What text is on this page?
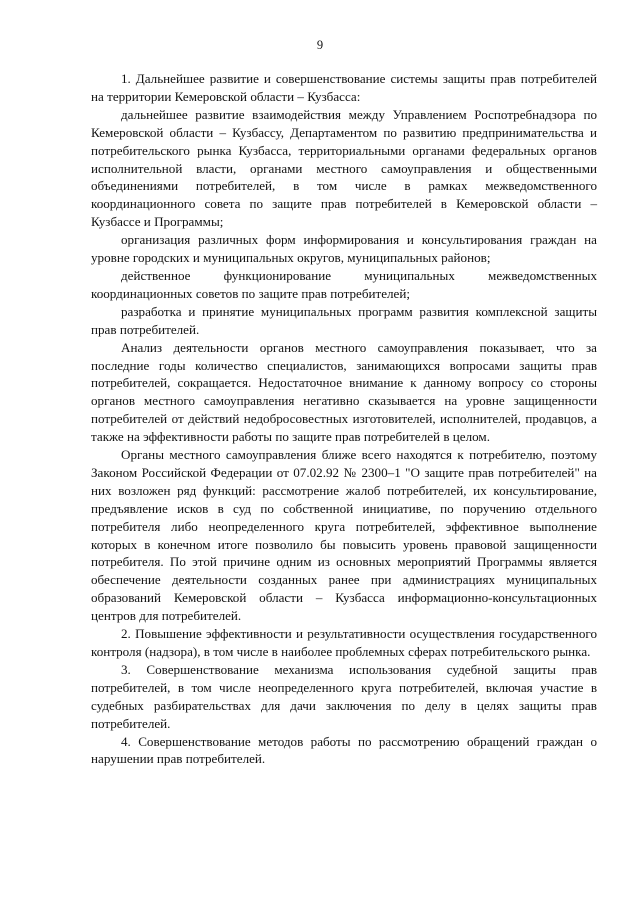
9

1. Дальнейшее развитие и совершенствование системы защиты прав потребителей на территории Кемеровской области – Кузбасса:

дальнейшее развитие взаимодействия между Управлением Роспотребнадзора по Кемеровской области – Кузбассу, Департаментом по развитию предпринимательства и потребительского рынка Кузбасса, территориальными органами федеральных органов исполнительной власти, органами местного самоуправления и общественными объединениями потребителей, в том числе в рамках межведомственного координационного совета по защите прав потребителей в Кемеровской области – Кузбассе и Программы;

организация различных форм информирования и консультирования граждан на уровне городских и муниципальных округов, муниципальных районов;

действенное функционирование муниципальных межведомственных координационных советов по защите прав потребителей;

разработка и принятие муниципальных программ развития комплексной защиты прав потребителей.

Анализ деятельности органов местного самоуправления показывает, что за последние годы количество специалистов, занимающихся вопросами защиты прав потребителей, сокращается. Недостаточное внимание к данному вопросу со стороны органов местного самоуправления негативно сказывается на уровне защищенности потребителей от действий недобросовестных изготовителей, исполнителей, продавцов, а также на эффективности работы по защите прав потребителей в целом.

Органы местного самоуправления ближе всего находятся к потребителю, поэтому Законом Российской Федерации от 07.02.92 № 2300–1 "О защите прав потребителей" на них возложен ряд функций: рассмотрение жалоб потребителей, их консультирование, предъявление исков в суд по собственной инициативе, по поручению отдельного потребителя либо неопределенного круга потребителей, эффективное выполнение которых в конечном итоге позволило бы повысить уровень правовой защищенности потребителя. По этой причине одним из основных мероприятий Программы является обеспечение деятельности созданных ранее при администрациях муниципальных образований Кемеровской области – Кузбасса информационно-консультационных центров для потребителей.

2. Повышение эффективности и результативности осуществления государственного контроля (надзора), в том числе в наиболее проблемных сферах потребительского рынка.

3. Совершенствование механизма использования судебной защиты прав потребителей, в том числе неопределенного круга потребителей, включая участие в судебных разбирательствах для дачи заключения по делу в целях защиты прав потребителей.

4. Совершенствование методов работы по рассмотрению обращений граждан о нарушении прав потребителей.
